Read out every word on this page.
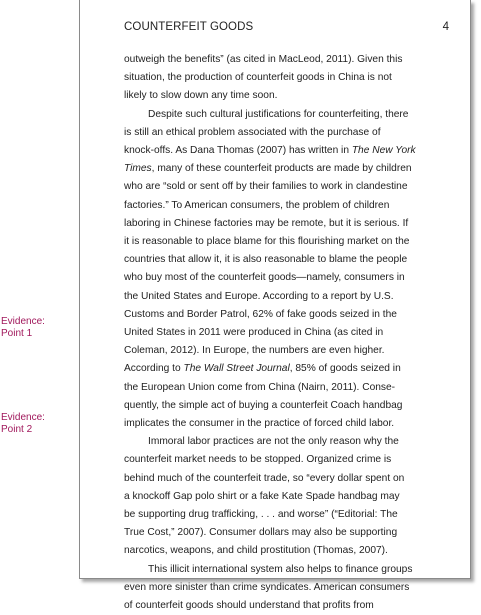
Evidence:
Point 1
Evidence:
Point 2
COUNTERFEIT GOODS	4

outweigh the benefits” (as cited in MacLeod, 2011). Given this
situation, the production of counterfeit goods in China is not
likely to slow down any time soon.

Despite such cultural justifications for counterfeiting, there
is still an ethical problem associated with the purchase of
knock-offs. As Dana Thomas (2007) has written in The New York
Times, many of these counterfeit products are made by children
who are “sold or sent off by their families to work in clandestine
factories.” To American consumers, the problem of children
laboring in Chinese factories may be remote, but it is serious. If
it is reasonable to place blame for this flourishing market on the
countries that allow it, it is also reasonable to blame the people
who buy most of the counterfeit goods—namely, consumers in
the United States and Europe. According to a report by U.S.
Customs and Border Patrol, 62% of fake goods seized in the
United States in 2011 were produced in China (as cited in
Coleman, 2012). In Europe, the numbers are even higher.
According to The Wall Street Journal, 85% of goods seized in
the European Union come from China (Nairn, 2011). Conse-
quently, the simple act of buying a counterfeit Coach handbag
implicates the consumer in the practice of forced child labor.

Immoral labor practices are not the only reason why the
counterfeit market needs to be stopped. Organized crime is
behind much of the counterfeit trade, so “every dollar spent on
a knockoff Gap polo shirt or a fake Kate Spade handbag may
be supporting drug trafficking, . . . and worse” (“Editorial: The
True Cost,” 2007). Consumer dollars may also be supporting
narcotics, weapons, and child prostitution (Thomas, 2007).

This illicit international system also helps to finance groups
even more sinister than crime syndicates. American consumers
of counterfeit goods should understand that profits from
